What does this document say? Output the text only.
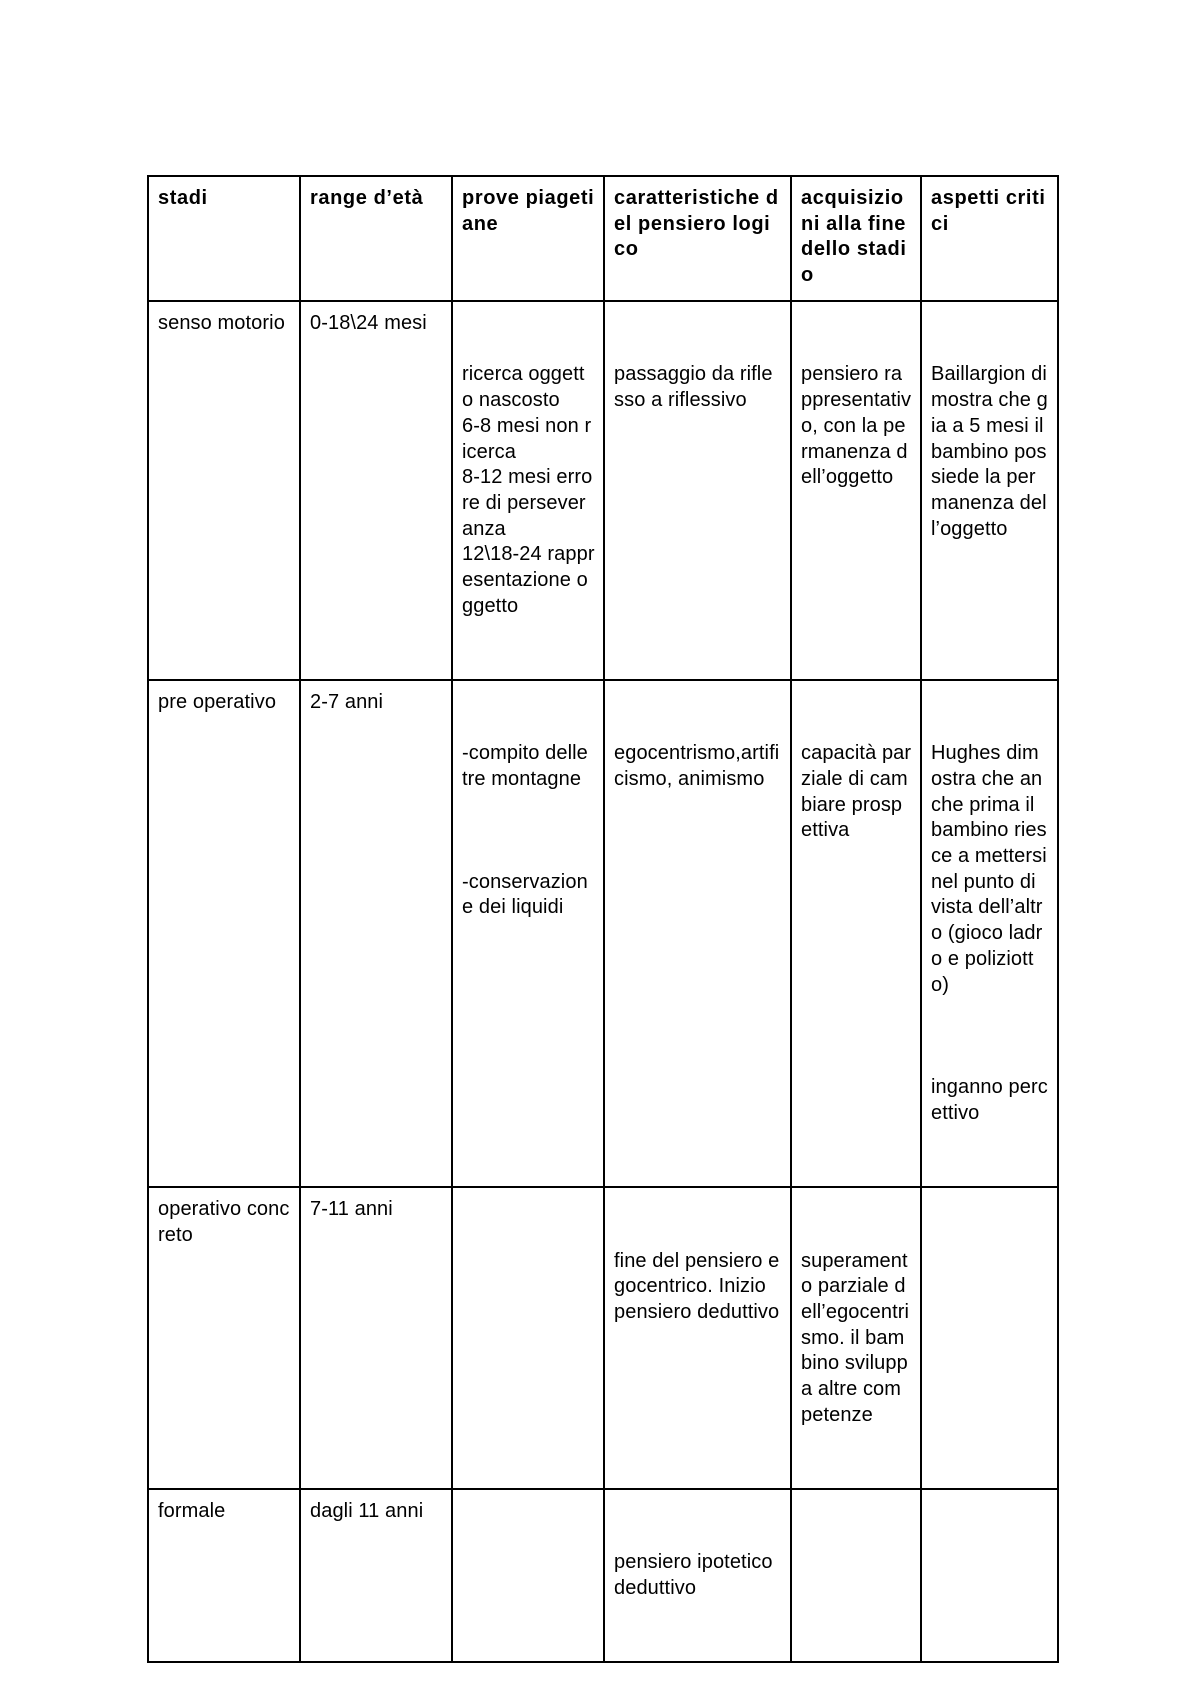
stadi	range d’età	prove piagetiane	caratteristiche del pensiero logico	acquisizioni alla fine dello stadio	aspetti critici
senso motorio	0-18\24 mesi	ricerca oggetto nascosto
6-8 mesi non ricerca
8-12 mesi errore di perseveranza
12\18-24 rappresentazione oggetto	passaggio da riflesso a riflessivo	pensiero rappresentativo, con la permanenza dell’oggetto	Baillargion dimostra che gia a 5 mesi il bambino possiede la permanenza dell’oggetto

pre operativo	2-7 anni	-compito delle tre montagne

-conservazione dei liquidi	egocentrismo,artificismo, animismo	capacità parziale di cambiare prospettiva	Hughes dimostra che anche prima il bambino riesce a mettersi nel punto di vista dell’altro (gioco ladro e poliziotto)

inganno percettivo

operativo concreto	7-11 anni		fine del pensiero egocentrico. Inizio pensiero deduttivo	superamento parziale dell’egocentrismo. il bambino sviluppa altre competenze	

formale	dagli 11 anni		pensiero ipotetico deduttivo		
